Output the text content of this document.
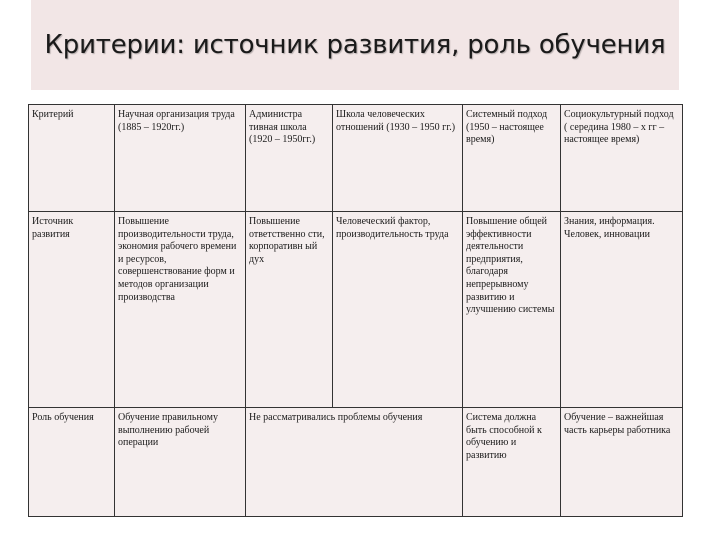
Критерии: источник развития, роль обучения
Критерий	Научная организация труда (1885 – 1920гг.)	Администра тивная школа (1920 – 1950гг.)	Школа человеческих отношений (1930 – 1950 гг.)	Системный подход (1950 – настоящее время)	Социокультурный подход ( середина 1980 – х гг – настоящее время)
Источник развития	Повышение производительности труда, экономия рабочего времени и ресурсов, совершенствование форм и методов организации производства	Повышение ответственно сти, корпоративн ый дух	Человеческий фактор, производительность труда	Повышение общей эффективности деятельности предприятия, благодаря непрерывному развитию и улучшению системы	Знания, информация. Человек, инновации
Роль обучения	Обучение правильному выполнению рабочей операции	Не рассматривались проблемы обучения		Система должна быть способной к обучению и развитию	Обучение – важнейшая часть карьеры работника
